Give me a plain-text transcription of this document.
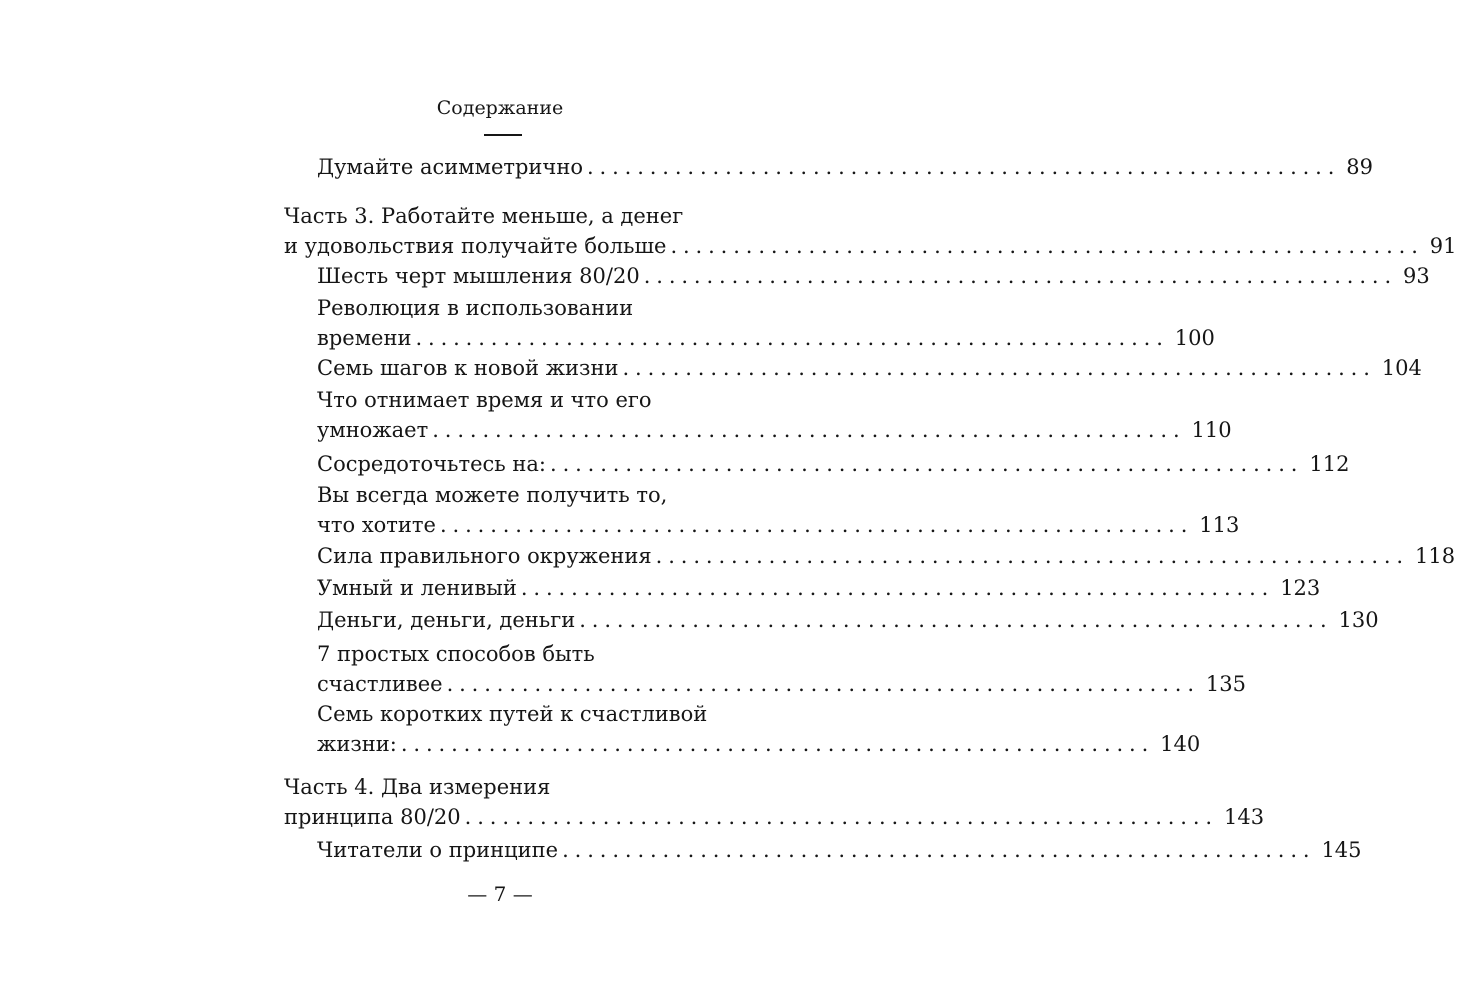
Содержание
Думайте асимметрично ............................................................ 89
Часть 3. Работайте меньше, а денег
и удовольствия получайте больше ............................................................ 91
Шесть черт мышления 80/20 ............................................................ 93
Революция в использовании
времени ............................................................ 100
Семь шагов к новой жизни ............................................................ 104
Что отнимает время и что его
умножает ............................................................ 110
Сосредоточьтесь на: ............................................................ 112
Вы всегда можете получить то,
что хотите ............................................................ 113
Сила правильного окружения ............................................................ 118
Умный и ленивый ............................................................ 123
Деньги, деньги, деньги ............................................................ 130
7 простых способов быть
счастливее ............................................................ 135
Семь коротких путей к счастливой
жизни: ............................................................ 140
Часть 4. Два измерения
принципа 80/20 ............................................................ 143
Читатели о принципе ............................................................ 145
— 7 —
